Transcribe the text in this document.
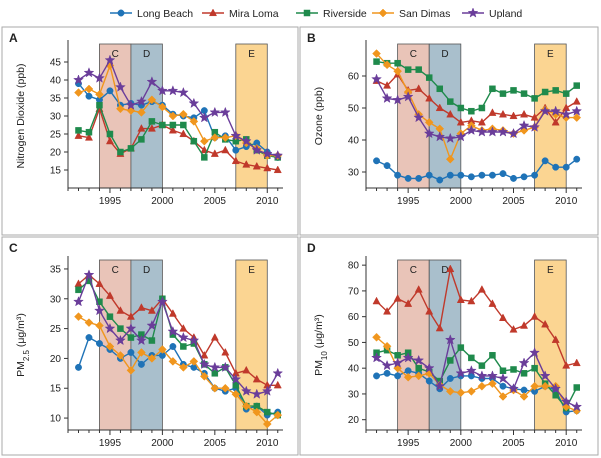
Long Beach	Mira Loma	Riverside	San Dimas	Upland
A
C D	E
15
20
25
30
35
40
45
1995	2000	2005	2010
Nitrogen Dioxide (ppb)
B
C D	E
30
40
50
60
1995	2000	2005	2010
Ozone (ppb)
C
C D	E
10
15
20
25
30
35
1995	2000	2005	2010
$PM_{2.5}$ (μg/m³)
D
C D	E
20
30
40
50
60
70
80
1995	2000	2005	2010
$PM_{10}$ (μg/m³)
